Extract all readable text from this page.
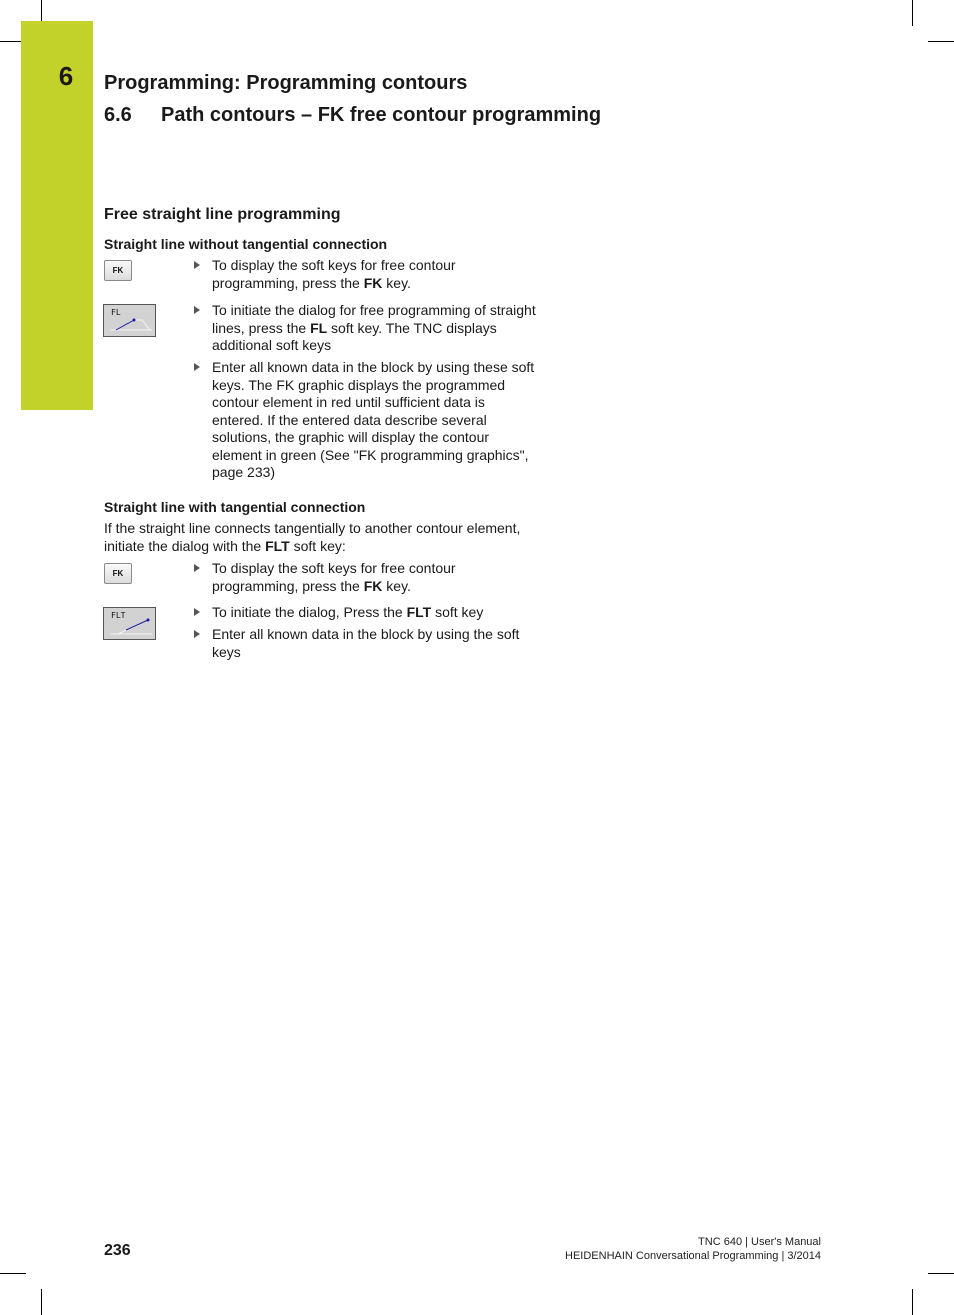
6	Programming: Programming contours
6.6 Path contours – FK free contour programming
Free straight line programming
Straight line without tangential connection
FK	To display the soft keys for free contour programming, press the FK key.
FL	To initiate the dialog for free programming of straight lines, press the FL soft key. The TNC displays additional soft keys
Enter all known data in the block by using these soft keys. The FK graphic displays the programmed contour element in red until sufficient data is entered. If the entered data describe several solutions, the graphic will display the contour element in green (See "FK programming graphics", page 233)
Straight line with tangential connection

If the straight line connects tangentially to another contour element, initiate the dialog with the FLT soft key:

FK	To display the soft keys for free contour programming, press the FK key.
FLT	To initiate the dialog, Press the FLT soft key
Enter all known data in the block by using the soft keys
236	TNC 640 | User's Manual
HEIDENHAIN Conversational Programming | 3/2014
